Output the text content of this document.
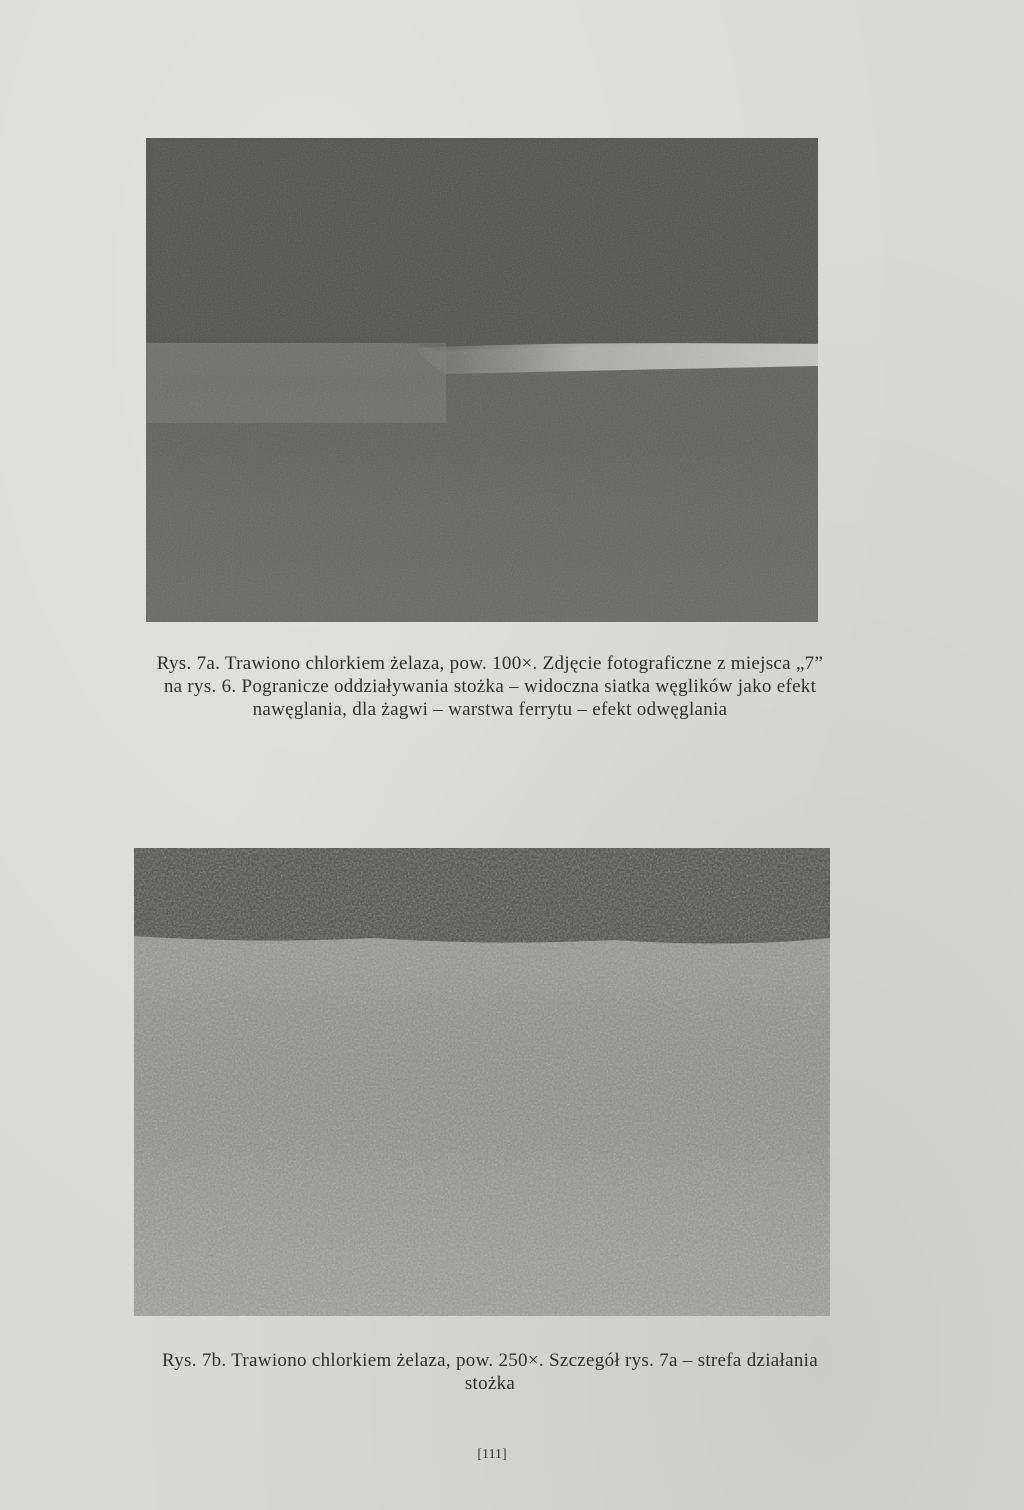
Rys. 7a. Trawiono chlorkiem żelaza, pow. 100×. Zdjęcie fotograficzne z miejsca „7”
na rys. 6. Pogranicze oddziaływania stożka – widoczna siatka węglików jako efekt
nawęglania, dla żagwi – warstwa ferrytu – efekt odwęglania
Rys. 7b. Trawiono chlorkiem żelaza, pow. 250×. Szczegół rys. 7a – strefa działania
stożka
[111]
